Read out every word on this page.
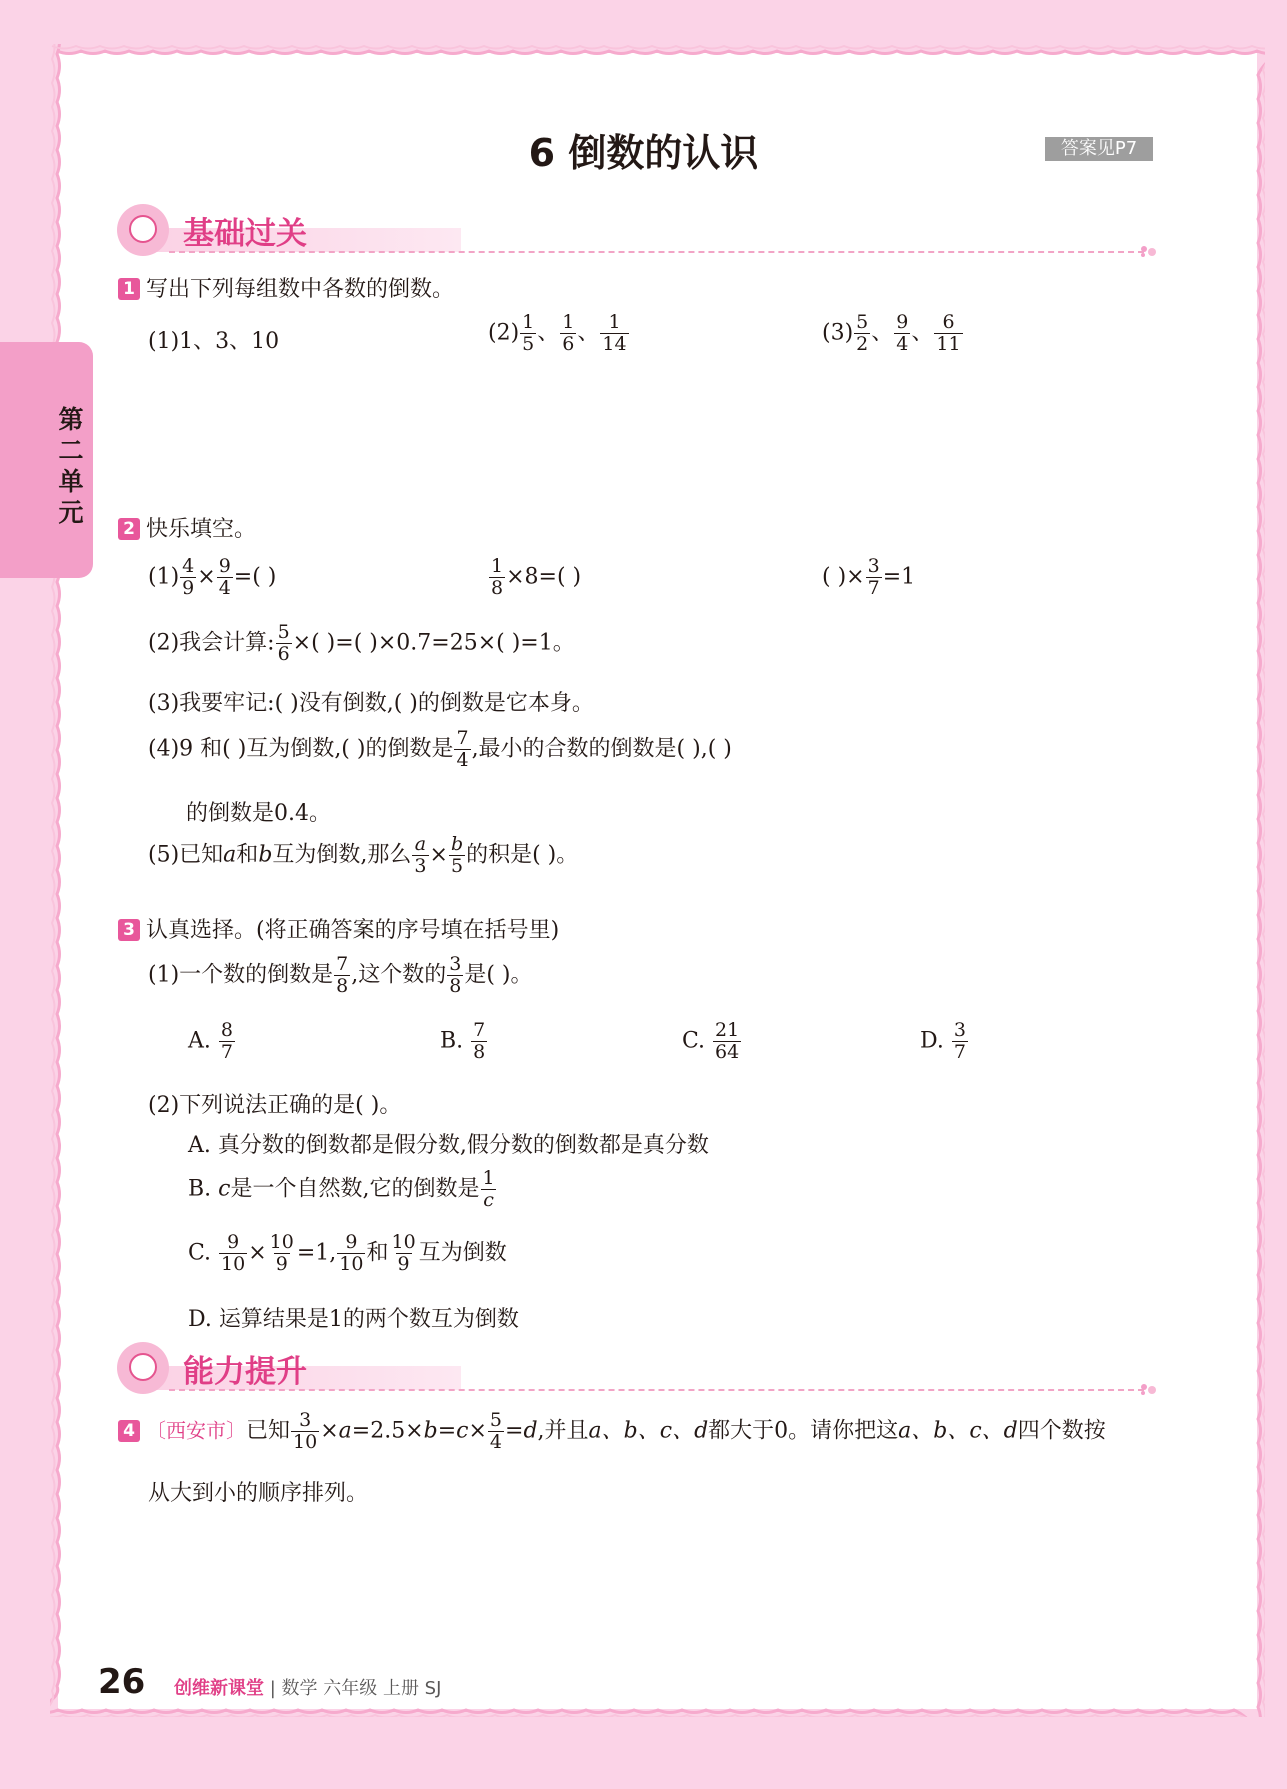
第二单元
6 倒数的认识	答案见P7
基础过关
1 写出下列每组数中各数的倒数。
(1)1、3、10	$(2) \frac{1}{5}$ 、 $\frac{1}{6}$ 、 $\frac{1}{14}$	$(3) \frac{5}{2}$ 、 $\frac{9}{4}$ 、 $\frac{6}{11}$
2 快乐填空。
$(1) \frac{4}{9} \times \frac{9}{4}$ =( )	$\frac{1}{8} \times 8=$( )	( )× $\frac{3}{7} =1$
(2)我会计算: $\frac{5}{6}$ ×( )=( )×0.7=25×( )=1。
(3)我要牢记:( )没有倒数,( )的倒数是它本身。
(4)9 和( )互为倒数,( )的倒数是 $\frac{7}{4}$ ,最小的合数的倒数是( ),( )
的倒数是0.4。
(5)已知a和b互为倒数,那么 $\frac{a}{3} \times \frac{b}{5}$ 的积是( )。
3 认真选择。(将正确答案的序号填在括号里)
(1)一个数的倒数是 $\frac{7}{8}$ ,这个数的 $\frac{3}{8}$ 是( )。
A. $\frac{8}{7}$	B. $\frac{7}{8}$	C. $\frac{21}{64}$	D. $\frac{3}{7}$
(2)下列说法正确的是( )。
A. 真分数的倒数都是假分数,假分数的倒数都是真分数
B. c是一个自然数,它的倒数是 $\frac{1}{c}$
C. $\frac{9}{10} \times \frac{10}{9} =1$, $\frac{9}{10}$ 和 $\frac{10}{9}$ 互为倒数
D. 运算结果是1的两个数互为倒数
能力提升
4 〔西安市〕已知 $\frac{3}{10} \times a=2.5\times b=c\times \frac{5}{4} =d$,并且a、b、c、d都大于0。请你把这a、b、c、d四个数按
从大到小的顺序排列。
26 创维新课堂 | 数学 六年级 上册 SJ
